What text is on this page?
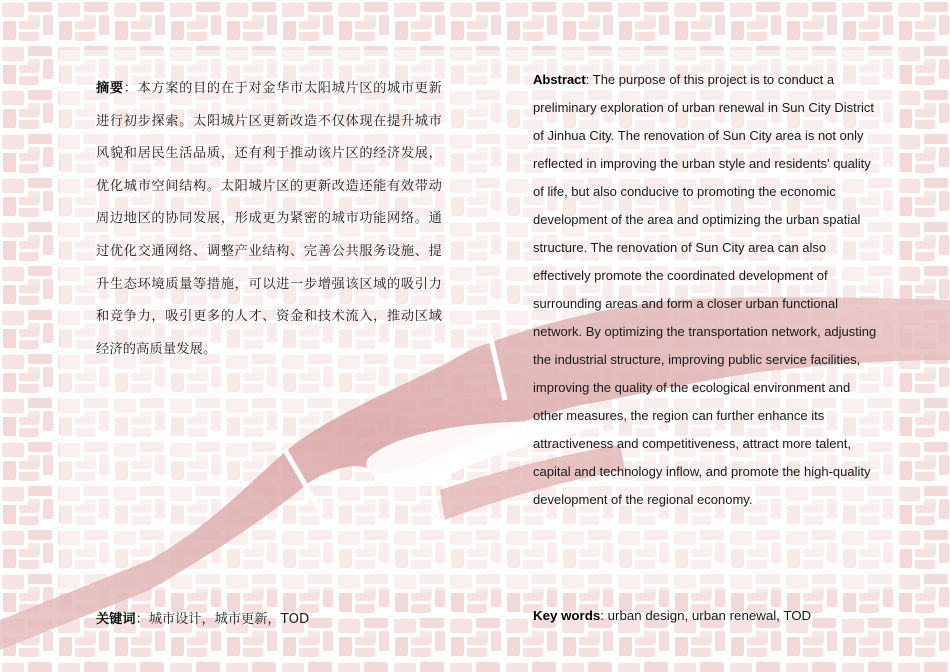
摘要：本方案的目的在于对金华市太阳城片区的城市更新进行初步探索。太阳城片区更新改造不仅体现在提升城市风貌和居民生活品质，还有利于推动该片区的经济发展，优化城市空间结构。太阳城片区的更新改造还能有效带动周边地区的协同发展，形成更为紧密的城市功能网络。通过优化交通网络、调整产业结构、完善公共服务设施、提升生态环境质量等措施，可以进一步增强该区域的吸引力和竞争力，吸引更多的人才、资金和技术流入，推动区域经济的高质量发展。

Abstract: The purpose of this project is to conduct a preliminary exploration of urban renewal in Sun City District of Jinhua City. The renovation of Sun City area is not only reflected in improving the urban style and residents' quality of life, but also conducive to promoting the economic development of the area and optimizing the urban spatial structure. The renovation of Sun City area can also effectively promote the coordinated development of surrounding areas and form a closer urban functional network. By optimizing the transportation network, adjusting the industrial structure, improving public service facilities, improving the quality of the ecological environment and other measures, the region can further enhance its attractiveness and competitiveness, attract more talent, capital and technology inflow, and promote the high-quality development of the regional economy.

关键词：城市设计，城市更新，TOD	Key words: urban design, urban renewal, TOD
